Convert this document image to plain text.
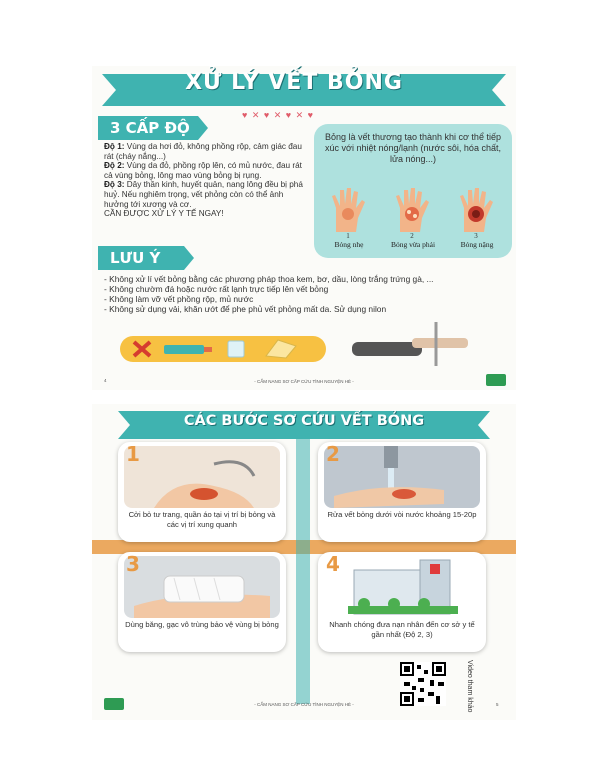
XỬ LÝ VẾT BỎNG
♥ ✕ ♥ ✕ ♥ ✕ ♥
3 CẤP ĐỘ
Độ 1: Vùng da hơi đỏ, không phồng rộp, cảm giác đau rát (cháy nắng...)
Độ 2: Vùng da đỏ, phồng rộp lên, có mủ nước, đau rát cả vùng bỏng, lông mao vùng bỏng bị rụng.
Độ 3: Dây thần kinh, huyết quản, nang lông đều bị phá huỷ. Nếu nghiêm trọng, vết phỏng còn có thể ảnh hưởng tới xương và cơ.
CẦN ĐƯỢC XỬ LÝ Y TẾ NGAY!
Bỏng là vết thương tạo thành khi cơ thể tiếp xúc với nhiệt nóng/lạnh (nước sôi, hóa chất, lửa nóng...)
1	2	3
Bỏng nhẹ	Bỏng vừa phải	Bỏng nặng
LƯU Ý
- Không xử lí vết bỏng bằng các phương pháp thoa kem, bơ, dầu, lòng trắng trứng gà, ...
- Không chườm đá hoặc nước rất lạnh trực tiếp lên vết bỏng
- Không làm vỡ vết phồng rộp, mủ nước
- Không sử dụng vải, khăn ướt để phe phủ vết phỏng mất da. Sử dụng nilon
4	- CẨM NANG SƠ CẤP CỨU TÌNH NGUYỆN HÈ -
CÁC BƯỚC SƠ CỨU VẾT BỎNG
1
Cởi bỏ tư trang, quần áo tại vị trí bị bỏng và các vị trí xung quanh
2
Rửa vết bỏng dưới vòi nước khoảng 15-20p
3
Dùng băng, gạc vô trùng bảo vệ vùng bị bỏng
4
Nhanh chóng đưa nạn nhân đến cơ sở y tế gần nhất (Độ 2, 3)
Video tham khảo
- CẨM NANG SƠ CẤP CỨU TÌNH NGUYỆN HÈ -	5
